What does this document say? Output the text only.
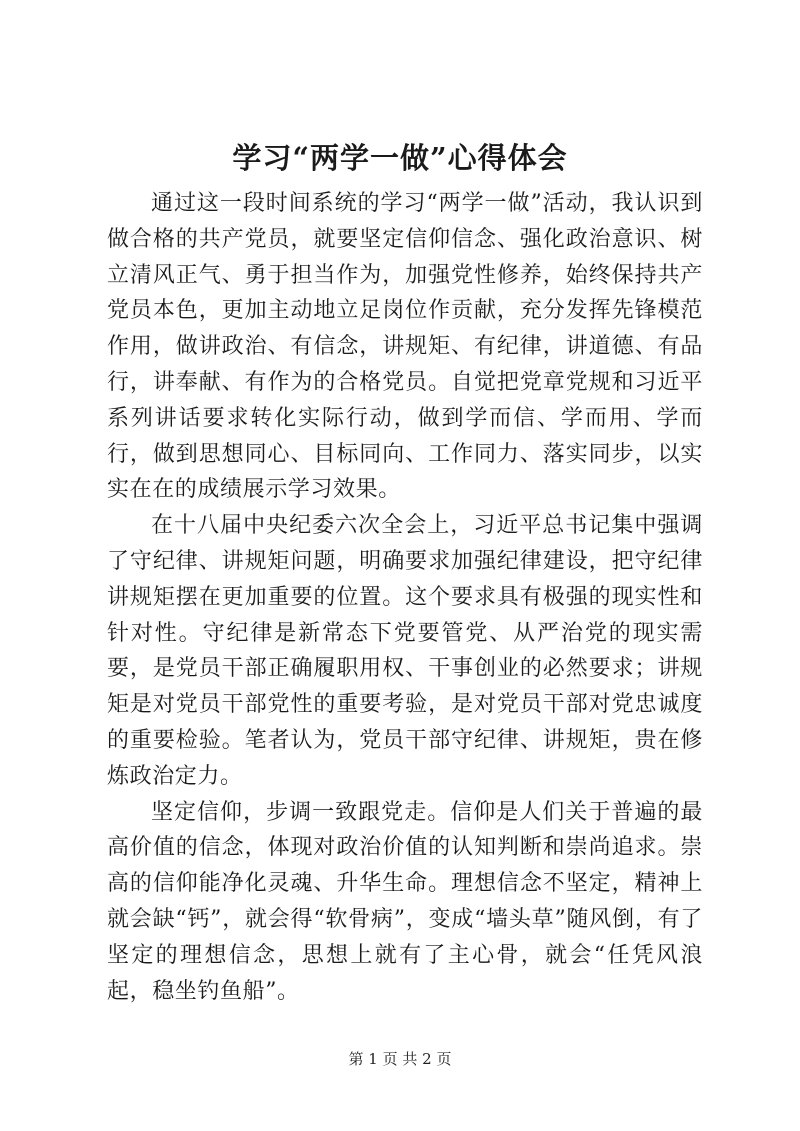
学习“两学一做”心得体会

通过这一段时间系统的学习“两学一做”活动，我认识到做合格的共产党员，就要坚定信仰信念、强化政治意识、树立清风正气、勇于担当作为，加强党性修养，始终保持共产党员本色，更加主动地立足岗位作贡献，充分发挥先锋模范作用，做讲政治、有信念，讲规矩、有纪律，讲道德、有品行，讲奉献、有作为的合格党员。自觉把党章党规和习近平系列讲话要求转化实际行动，做到学而信、学而用、学而行，做到思想同心、目标同向、工作同力、落实同步，以实实在在的成绩展示学习效果。

在十八届中央纪委六次全会上，习近平总书记集中强调了守纪律、讲规矩问题，明确要求加强纪律建设，把守纪律讲规矩摆在更加重要的位置。这个要求具有极强的现实性和针对性。守纪律是新常态下党要管党、从严治党的现实需要，是党员干部正确履职用权、干事创业的必然要求；讲规矩是对党员干部党性的重要考验，是对党员干部对党忠诚度的重要检验。笔者认为，党员干部守纪律、讲规矩，贵在修炼政治定力。

坚定信仰，步调一致跟党走。信仰是人们关于普遍的最高价值的信念，体现对政治价值的认知判断和崇尚追求。崇高的信仰能净化灵魂、升华生命。理想信念不坚定，精神上就会缺“钙”，就会得“软骨病”，变成“墙头草”随风倒，有了坚定的理想信念，思想上就有了主心骨，就会“任凭风浪起，稳坐钓鱼船”。

第 1 页 共 2 页
